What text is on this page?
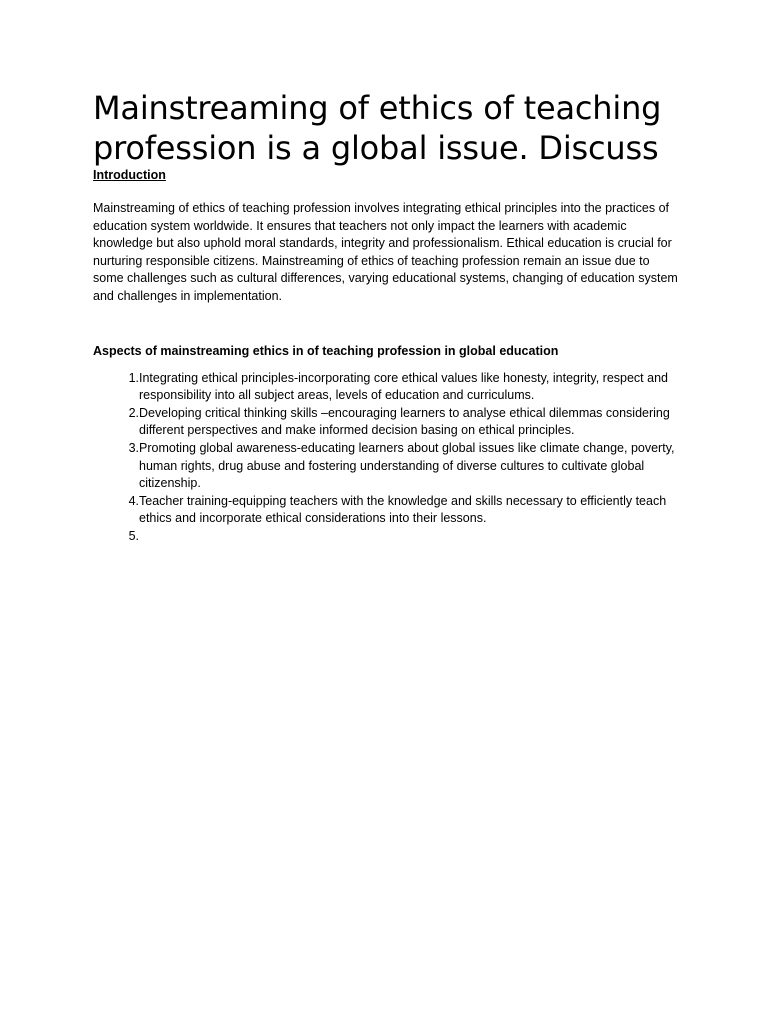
Mainstreaming of ethics of teaching profession is a global issue. Discuss
Introduction

Mainstreaming of ethics of teaching profession involves integrating ethical principles into the practices of education system worldwide. It ensures that teachers not only impact the learners with academic knowledge but also uphold moral standards, integrity and professionalism. Ethical education is crucial for nurturing responsible citizens. Mainstreaming of ethics of teaching profession remain an issue due to some challenges such as cultural differences, varying educational systems, changing of education system and challenges in implementation.

Aspects of mainstreaming ethics in of teaching profession in global education
1. Integrating ethical principles-incorporating core ethical values like honesty, integrity, respect and responsibility into all subject areas, levels of education and curriculums.
2. Developing critical thinking skills –encouraging learners to analyse ethical dilemmas considering different perspectives and make informed decision basing on ethical principles.
3. Promoting global awareness-educating learners about global issues like climate change, poverty, human rights, drug abuse and fostering understanding of diverse cultures to cultivate global citizenship.
4. Teacher training-equipping teachers with the knowledge and skills necessary to efficiently teach ethics and incorporate ethical considerations into their lessons.
5.
